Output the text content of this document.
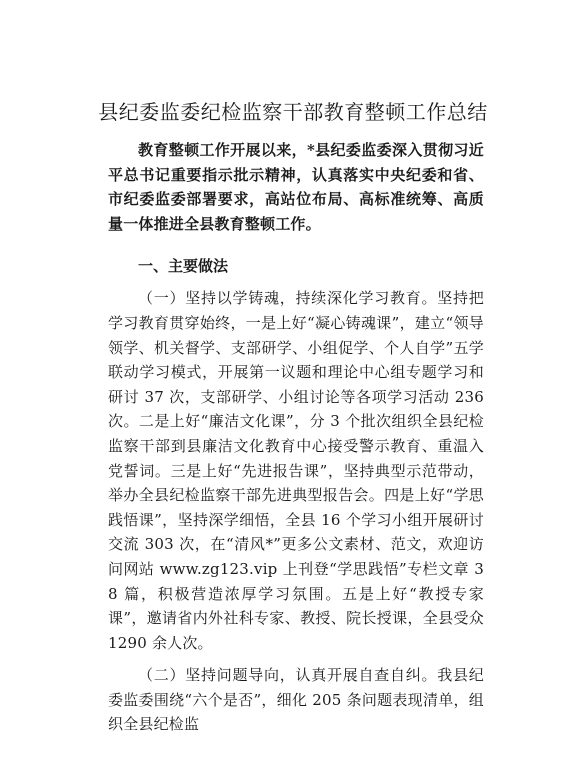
县纪委监委纪检监察干部教育整顿工作总结

教育整顿工作开展以来，*县纪委监委深入贯彻习近平总书记重要指示批示精神，认真落实中央纪委和省、市纪委监委部署要求，高站位布局、高标准统筹、高质量一体推进全县教育整顿工作。

一、主要做法

（一）坚持以学铸魂，持续深化学习教育。坚持把学习教育贯穿始终，一是上好“凝心铸魂课”，建立“领导领学、机关督学、支部研学、小组促学、个人自学”五学联动学习模式，开展第一议题和理论中心组专题学习和研讨 37 次，支部研学、小组讨论等各项学习活动 236 次。二是上好“廉洁文化课”，分 3 个批次组织全县纪检监察干部到县廉洁文化教育中心接受警示教育、重温入党誓词。三是上好“先进报告课”，坚持典型示范带动，举办全县纪检监察干部先进典型报告会。四是上好“学思践悟课”，坚持深学细悟，全县 16 个学习小组开展研讨交流 303 次，在“清风*”更多公文素材、范文，欢迎访问网站 www.zg123.vip 上刊登“学思践悟”专栏文章 38 篇，积极营造浓厚学习氛围。五是上好“教授专家课”，邀请省内外社科专家、教授、院长授课，全县受众 1290 余人次。

（二）坚持问题导向，认真开展自查自纠。我县纪委监委围绕“六个是否”，细化 205 条问题表现清单，组织全县纪检监
